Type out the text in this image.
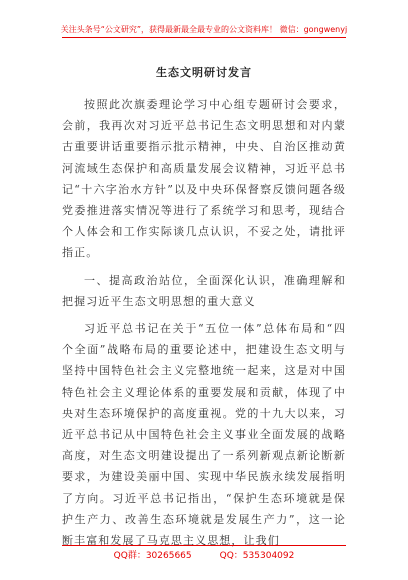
关注头条号“公文研究”，获得最新最全最专业的公文资料库！ 微信：gongwenyj
生态文明研讨发言

按照此次旗委理论学习中心组专题研讨会要求，会前，我再次对习近平总书记生态文明思想和对内蒙古重要讲话重要指示批示精神，中央、自治区推动黄河流域生态保护和高质量发展会议精神，习近平总书记“十六字治水方针”以及中央环保督察反馈问题各级党委推进落实情况等进行了系统学习和思考，现结合个人体会和工作实际谈几点认识，不妥之处，请批评指正。

一、提高政治站位，全面深化认识，准确理解和把握习近平生态文明思想的重大意义

习近平总书记在关于“五位一体”总体布局和“四个全面”战略布局的重要论述中，把建设生态文明与坚持中国特色社会主义完整地统一起来，这是对中国特色社会主义理论体系的重要发展和贡献，体现了中央对生态环境保护的高度重视。党的十九大以来，习近平总书记从中国特色社会主义事业全面发展的战略高度，对生态文明建设提出了一系列新观点新论断新要求，为建设美丽中国、实现中华民族永续发展指明了方向。习近平总书记指出，“保护生态环境就是保护生产力、改善生态环境就是发展生产力”，这一论断丰富和发展了马克思主义思想，让我们

QQ群：30265665	QQ：535304092
